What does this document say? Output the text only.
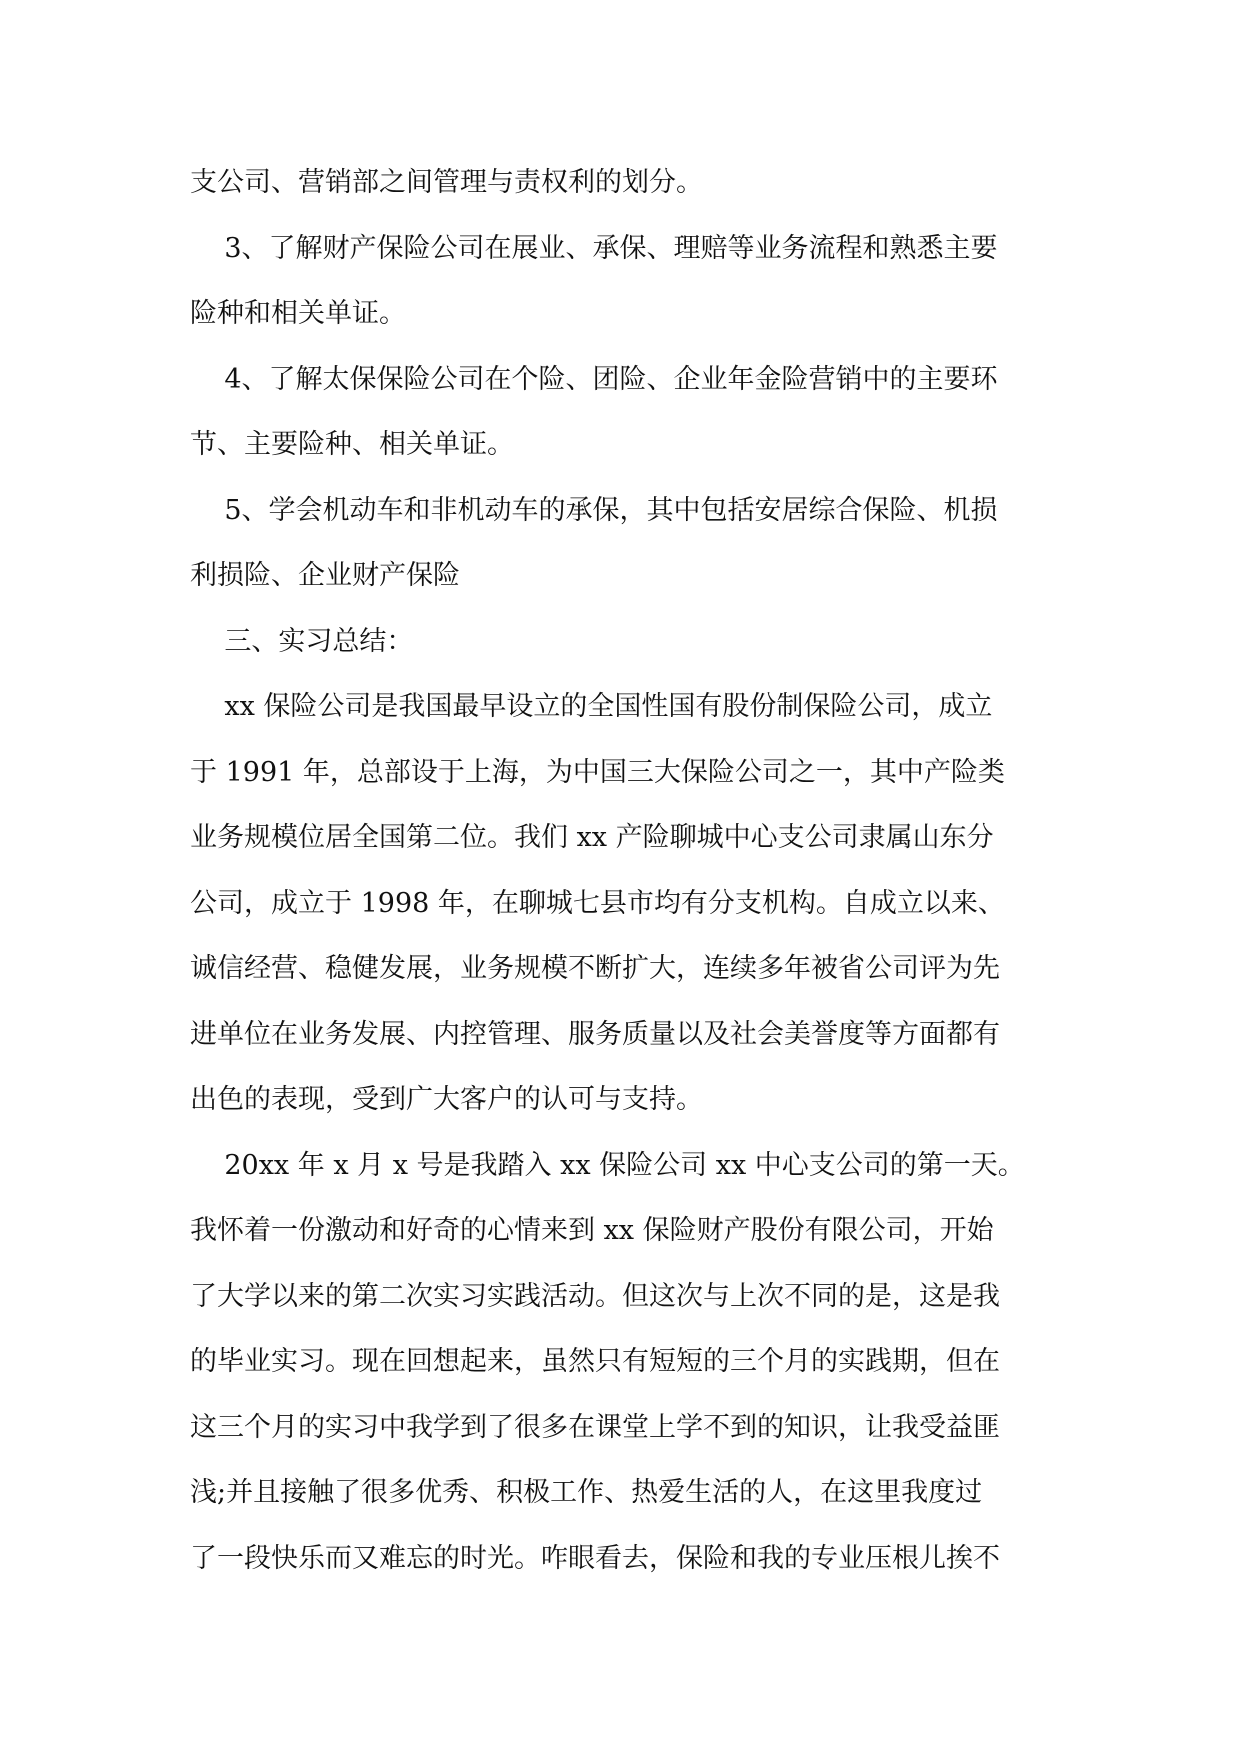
支公司、营销部之间管理与责权利的划分。

3、了解财产保险公司在展业、承保、理赔等业务流程和熟悉主要

险种和相关单证。

4、了解太保保险公司在个险、团险、企业年金险营销中的主要环

节、主要险种、相关单证。

5、学会机动车和非机动车的承保，其中包括安居综合保险、机损

利损险、企业财产保险

三、实习总结：

xx 保险公司是我国最早设立的全国性国有股份制保险公司，成立

于 1991 年，总部设于上海，为中国三大保险公司之一，其中产险类

业务规模位居全国第二位。我们 xx 产险聊城中心支公司隶属山东分

公司，成立于 1998 年，在聊城七县市均有分支机构。自成立以来、

诚信经营、稳健发展，业务规模不断扩大，连续多年被省公司评为先

进单位在业务发展、内控管理、服务质量以及社会美誉度等方面都有

出色的表现，受到广大客户的认可与支持。

20xx 年 x 月 x 号是我踏入 xx 保险公司 xx 中心支公司的第一天。

我怀着一份激动和好奇的心情来到 xx 保险财产股份有限公司，开始

了大学以来的第二次实习实践活动。但这次与上次不同的是，这是我

的毕业实习。现在回想起来，虽然只有短短的三个月的实践期，但在

这三个月的实习中我学到了很多在课堂上学不到的知识，让我受益匪

浅;并且接触了很多优秀、积极工作、热爱生活的人，在这里我度过

了一段快乐而又难忘的时光。咋眼看去，保险和我的专业压根儿挨不
